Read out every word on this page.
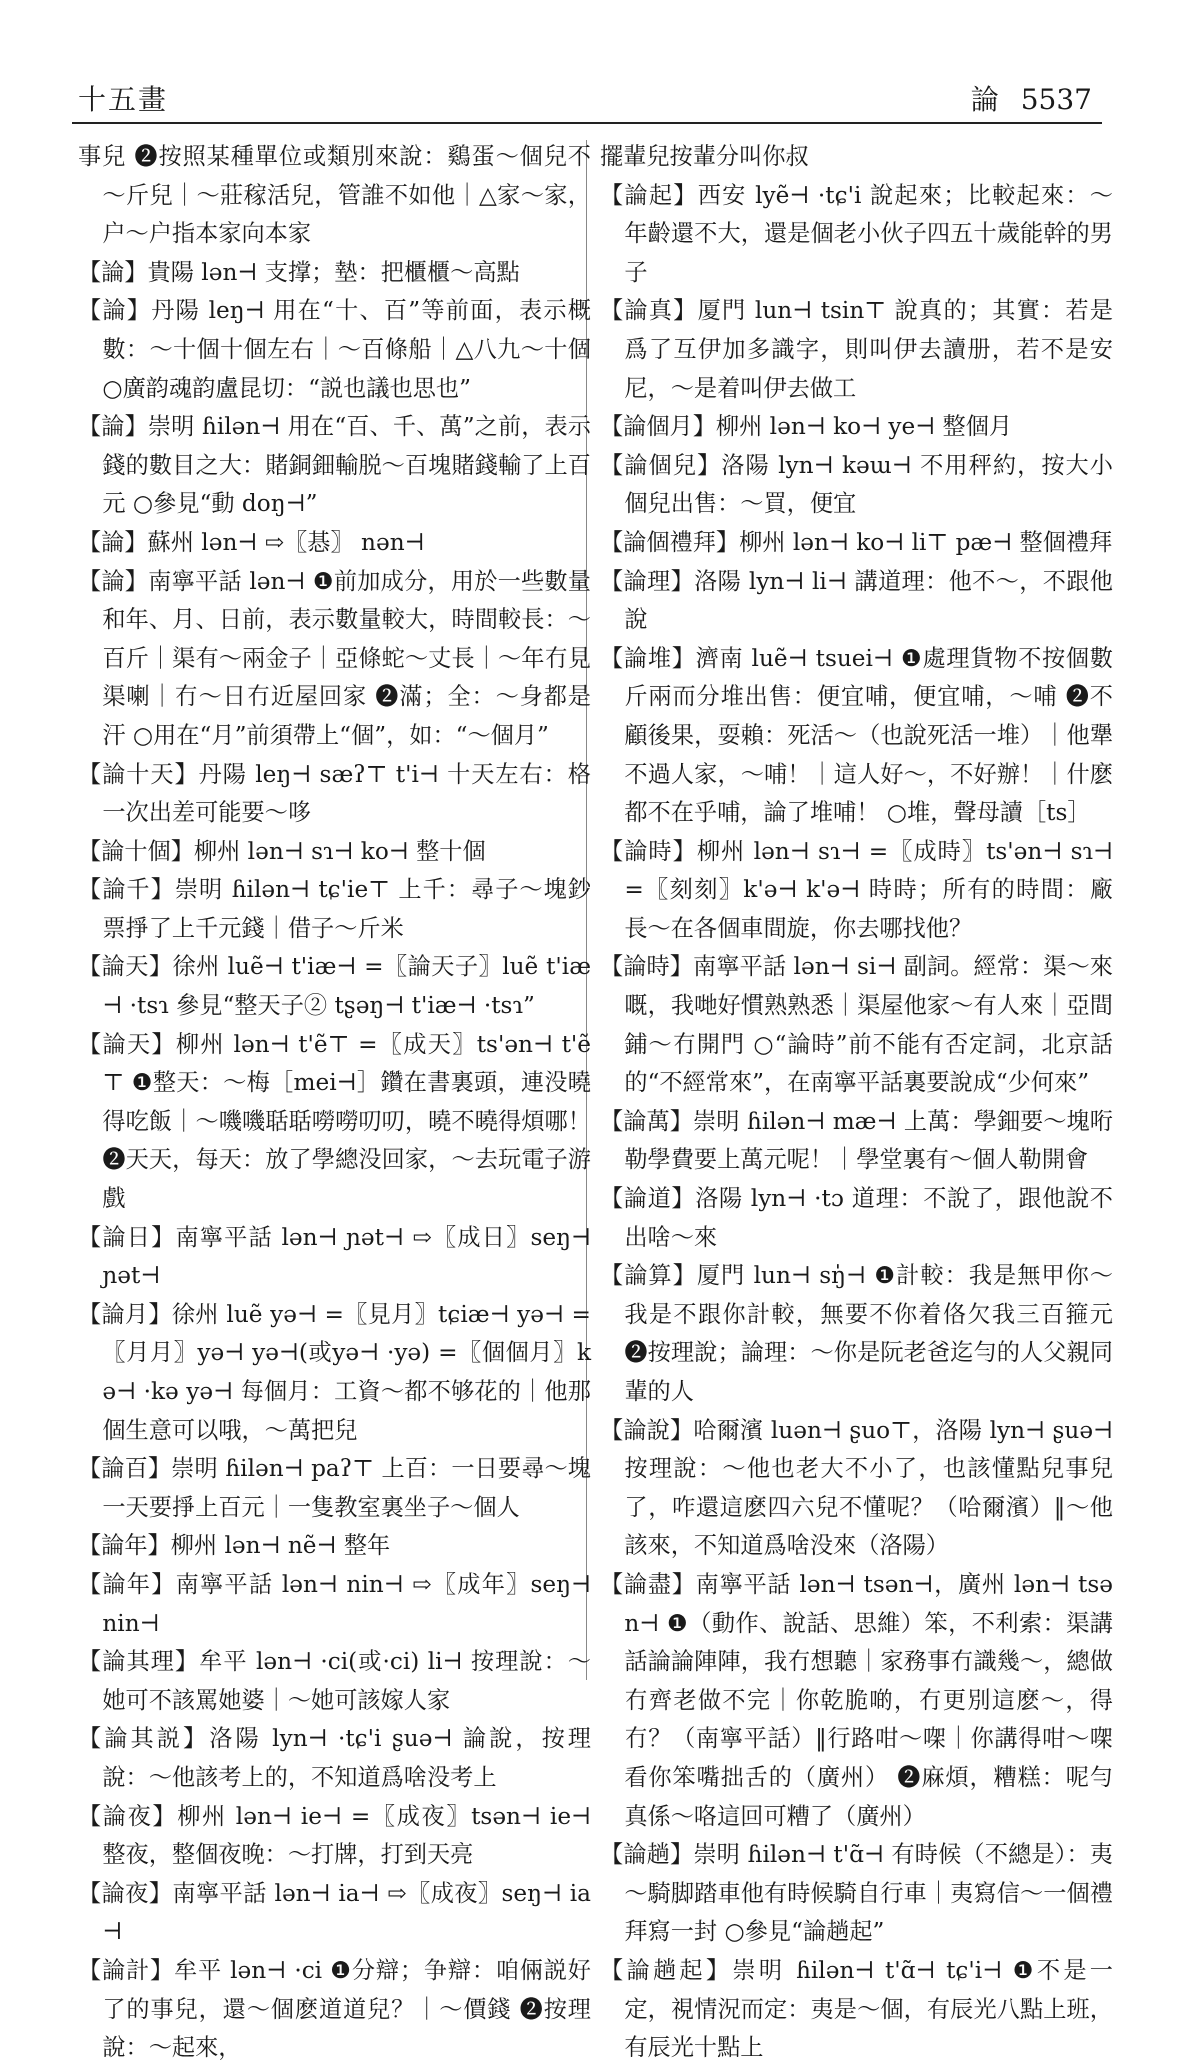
十五畫	論 5537

事兒 ❷按照某種單位或類別來說：鷄蛋～個兒不～斤兒｜～莊稼活兒，管誰不如他｜△家～家，户～户指本家向本家

【論】貴陽 lən⊣ 支撑；墊：把櫃櫃～高點

【論】丹陽 leŋ⊣ 用在“十、百”等前面，表示概數：～十個十個左右｜～百條船｜△八九～十個 ○廣韵魂韵盧昆切：“説也議也思也”

【論】崇明 ɦilən⊣ 用在“百、千、萬”之前，表示錢的數目之大：賭銅鈿輸脱～百塊賭錢輸了上百元 ○參見“動 doŋ⊣”

【論】蘇州 lən⊣ ⇨〖惎〗 nən⊣

【論】南寧平話 lən⊣ ❶前加成分，用於一些數量和年、月、日前，表示數量較大，時間較長：～百斤｜渠有～兩金子｜亞條蛇～丈長｜～年冇見渠喇｜冇～日冇近屋回家 ❷滿；全：～身都是汗 ○用在“月”前須帶上“個”，如：“～個月”

【論十天】丹陽 leŋ⊣ sæʔ⊤ t'i⊣ 十天左右：格一次出差可能要～哆

【論十個】柳州 lən⊣ sɿ⊣ ko⊣ 整十個

【論千】崇明 ɦilən⊣ tɕ'ie⊤ 上千：尋子～塊鈔票掙了上千元錢｜借子～斤米

【論天】徐州 luẽ⊣ t'iæ⊣ =〖論天子〗luẽ t'iæ⊣ ·tsɿ 參見“整天子② tʂəŋ⊣ t'iæ⊣ ·tsɿ”

【論天】柳州 lən⊣ t'ẽ⊤ =〖成天〗ts'ən⊣ t'ẽ⊤ ❶整天：～梅［mei⊣］鑽在書裏頭，連没曉得吃飯｜～嘰嘰聒聒嘮嘮叨叨，曉不曉得煩哪！ ❷天天，每天：放了學總没回家，～去玩電子游戲

【論日】南寧平話 lən⊣ ɲət⊣ ⇨〖成日〗seŋ⊣ ɲət⊣

【論月】徐州 luẽ yə⊣ =〖見月〗tɕiæ⊣ yə⊣ =〖月月〗yə⊣ yə⊣(或yə⊣ ·yə) =〖個個月〗kə⊣ ·kə yə⊣ 每個月：工資～都不够花的｜他那個生意可以哦，～萬把兒

【論百】崇明 ɦilən⊣ paʔ⊤ 上百：一日要尋～塊一天要掙上百元｜一隻教室裏坐子～個人

【論年】柳州 lən⊣ nẽ⊣ 整年

【論年】南寧平話 lən⊣ nin⊣ ⇨〖成年〗seŋ⊣ nin⊣

【論其理】牟平 lən⊣ ·ci(或·ci) li⊣ 按理說：～她可不該罵她婆｜～她可該嫁人家

【論其説】洛陽 lyn⊣ ·tɕ'i ʂuə⊣ 論說，按理說：～他該考上的，不知道爲啥没考上

【論夜】柳州 lən⊣ ie⊣ =〖成夜〗tsən⊣ ie⊣ 整夜，整個夜晚：～打牌，打到天亮

【論夜】南寧平話 lən⊣ ia⊣ ⇨〖成夜〗seŋ⊣ ia⊣

【論計】牟平 lən⊣ ·ci ❶分辯；争辯：咱倆説好了的事兒，還～個麽道道兒？｜～價錢 ❷按理說：～起來，

擺輩兒按輩分叫你叔

【論起】西安 lyẽ⊣ ·tɕ'i 說起來；比較起來：～年齡還不大，還是個老小伙子四五十歲能幹的男子

【論真】厦門 lun⊣ tsin⊤ 說真的；其實：若是爲了互伊加多識字，則叫伊去讀册，若不是安尼，～是着叫伊去做工

【論個月】柳州 lən⊣ ko⊣ ye⊣ 整個月

【論個兒】洛陽 lyn⊣ kəɯ⊣ 不用秤約，按大小個兒出售：～買，便宜

【論個禮拜】柳州 lən⊣ ko⊣ li⊤ pæ⊣ 整個禮拜

【論理】洛陽 lyn⊣ li⊣ 講道理：他不～，不跟他說

【論堆】濟南 luẽ⊣ tsuei⊣ ❶處理貨物不按個數斤兩而分堆出售：便宜哺，便宜哺，～哺 ❷不顧後果，耍賴：死活～（也說死活一堆）｜他犟不過人家，～哺！｜這人好～，不好辦！｜什麽都不在乎哺，論了堆哺！ ○堆，聲母讀［ts］

【論時】柳州 lən⊣ sɿ⊣ =〖成時〗ts'ən⊣ sɿ⊣ =〖刻刻〗k'ə⊣ k'ə⊣ 時時；所有的時間：廠長～在各個車間旋，你去哪找他？

【論時】南寧平話 lən⊣ si⊣ 副詞。經常：渠～來嘅，我哋好慣熟熟悉｜渠屋他家～有人來｜亞間鋪～冇開門 ○“論時”前不能有否定詞，北京話的“不經常來”，在南寧平話裏要說成“少何來”

【論萬】崇明 ɦilən⊣ mæ⊣ 上萬：學鈿要～塊哘勒學費要上萬元呢！｜學堂裏有～個人勒開會

【論道】洛陽 lyn⊣ ·tɔ 道理：不說了，跟他說不出啥～來

【論算】厦門 lun⊣ sŋ̍⊣ ❶計較：我是無甲你～我是不跟你計較，無要不你着佫欠我三百箍元 ❷按理說；論理：～你是阮老爸迄勻的人父親同輩的人

【論說】哈爾濱 luən⊣ ʂuo⊤，洛陽 lyn⊣ ʂuə⊣ 按理說：～他也老大不小了，也該懂點兒事兒了，咋還這麽四六兒不懂呢？（哈爾濱）‖～他該來，不知道爲啥没來（洛陽）

【論盡】南寧平話 lən⊣ tsən⊣，廣州 lən⊣ tsən⊣ ❶（動作、說話、思維）笨，不利索：渠講話論論陣陣，我冇想聽｜家務事冇識幾～，總做冇齊老做不完｜你乾脆啲，冇更別這麽～，得冇？（南寧平話）‖行路咁～㗎｜你講得咁～㗎看你笨嘴拙舌的（廣州） ❷麻煩，糟糕：呢勻真係～咯這回可糟了（廣州）

【論趟】崇明 ɦilən⊣ t'ɑ̃⊣ 有時候（不總是）：夷～騎脚踏車他有時候騎自行車｜夷寫信～一個禮拜寫一封 ○參見“論趟起”

【論趟起】崇明 ɦilən⊣ t'ɑ̃⊣ tɕ'i⊣ ❶不是一定，視情況而定：夷是～個，有辰光八點上班，有辰光十點上
